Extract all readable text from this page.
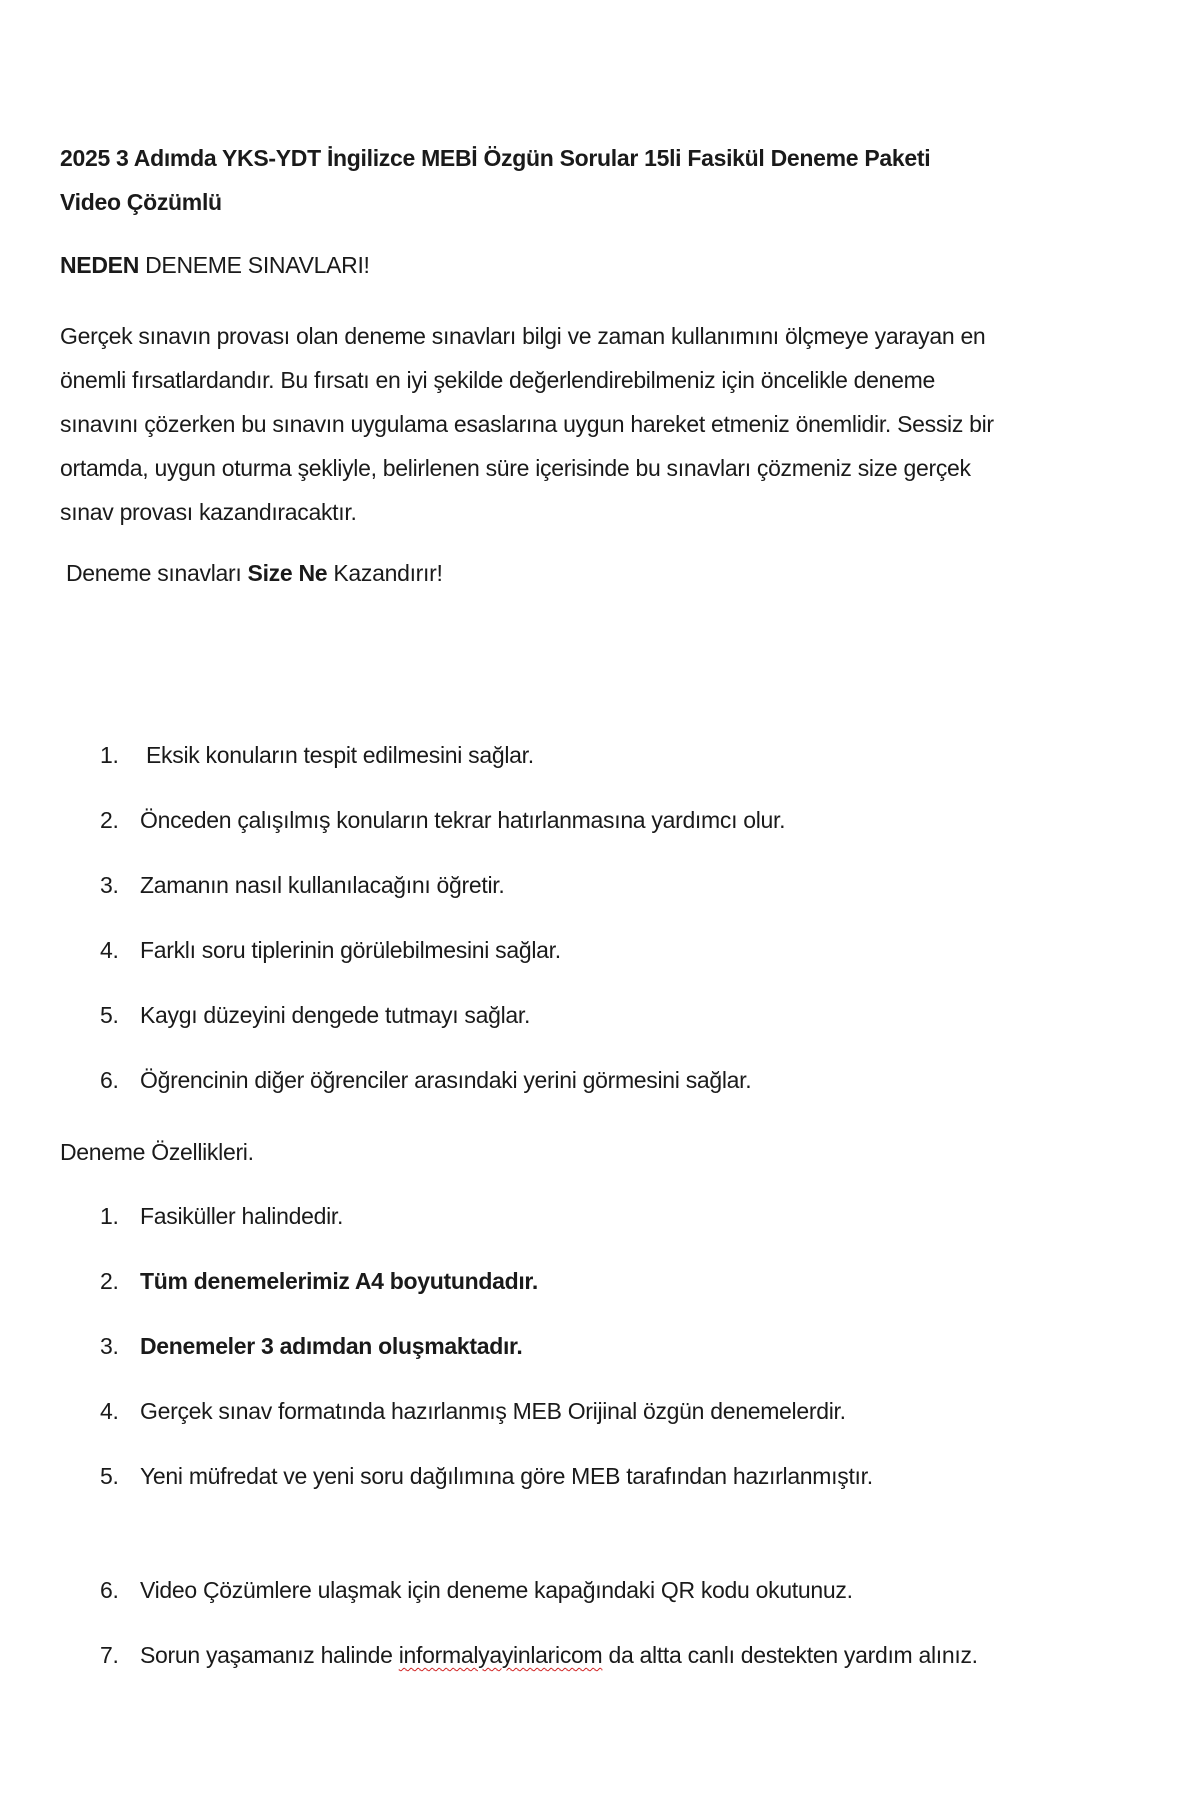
2025 3 Adımda YKS-YDT İngilizce MEBİ Özgün Sorular 15li Fasikül Deneme Paketi
Video Çözümlü
NEDEN DENEME SINAVLARI!
Gerçek sınavın provası olan deneme sınavları bilgi ve zaman kullanımını ölçmeye yarayan en
önemli fırsatlardandır. Bu fırsatı en iyi şekilde değerlendirebilmeniz için öncelikle deneme
sınavını çözerken bu sınavın uygulama esaslarına uygun hareket etmeniz önemlidir. Sessiz bir
ortamda, uygun oturma şekliyle, belirlenen süre içerisinde bu sınavları çözmeniz size gerçek
sınav provası kazandıracaktır.
Deneme sınavları Size Ne Kazandırır!
1.	Eksik konuların tespit edilmesini sağlar.
2. Önceden çalışılmış konuların tekrar hatırlanmasına yardımcı olur.
3. Zamanın nasıl kullanılacağını öğretir.
4. Farklı soru tiplerinin görülebilmesini sağlar.
5. Kaygı düzeyini dengede tutmayı sağlar.
6. Öğrencinin diğer öğrenciler arasındaki yerini görmesini sağlar.
Deneme Özellikleri.
1. Fasiküller halindedir.
2. Tüm denemelerimiz A4 boyutundadır.
3. Denemeler 3 adımdan oluşmaktadır.
4. Gerçek sınav formatında hazırlanmış MEB Orijinal özgün denemelerdir.
5. Yeni müfredat ve yeni soru dağılımına göre MEB tarafından hazırlanmıştır.
6. Video Çözümlere ulaşmak için deneme kapağındaki QR kodu okutunuz.
7. Sorun yaşamanız halinde informalyayinlaricom da altta canlı destekten yardım alınız.
